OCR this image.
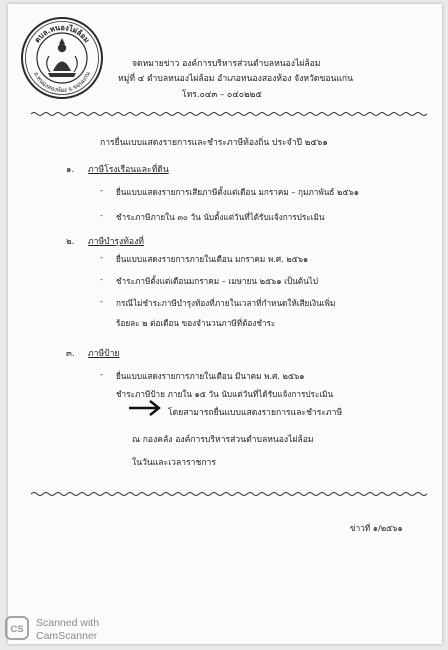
ตบล.หนองไผ่ล้อม
อ.หนองสองห้อง จ.ขอนแก่น
จดหมายข่าว องค์การบริหารส่วนตำบลหนองไผ่ล้อม
หมู่ที่ ๔ ตำบลหนองไผ่ล้อม อำเภอหนองสองห้อง จังหวัดขอนแก่น
โทร.๐๔๓ – ๐๔๐๒๒๕
การยื่นแบบแสดงรายการและชำระภาษีท้องถิ่น ประจำปี ๒๕๖๑
๑. ภาษีโรงเรือนและที่ดิน
- ยื่นแบบแสดงรายการเสียภาษีตั้งแต่เดือน มกราคม – กุมภาพันธ์ ๒๕๖๑
- ชำระภาษีภายใน ๓๐ วัน นับตั้งแต่วันที่ได้รับแจ้งการประเมิน
๒. ภาษีบำรุงท้องที่
- ยื่นแบบแสดงรายการภายในเดือน มกราคม พ.ศ. ๒๕๖๑
- ชำระภาษีตั้งแต่เดือนมกราคม – เมษายน ๒๕๖๑ เป็นต้นไป
- กรณีไม่ชำระภาษีบำรุงท้องที่ภายในเวลาที่กำหนดให้เสียเงินเพิ่ม
ร้อยละ ๒ ต่อเดือน ของจำนวนภาษีที่ต้องชำระ
๓. ภาษีป้าย
- ยื่นแบบแสดงรายการภายในเดือน มีนาคม พ.ศ. ๒๕๖๑
ชำระภาษีป้าย ภายใน ๑๕ วัน นับแต่วันที่ได้รับแจ้งการประเมิน
โดยสามารถยื่นแบบแสดงรายการและชำระภาษี
ณ กองคลัง องค์การบริหารส่วนตำบลหนองไผ่ล้อม
ในวันและเวลาราชการ
ข่าวที่ ๑/๒๕๖๑
CS
Scanned with
CamScanner
